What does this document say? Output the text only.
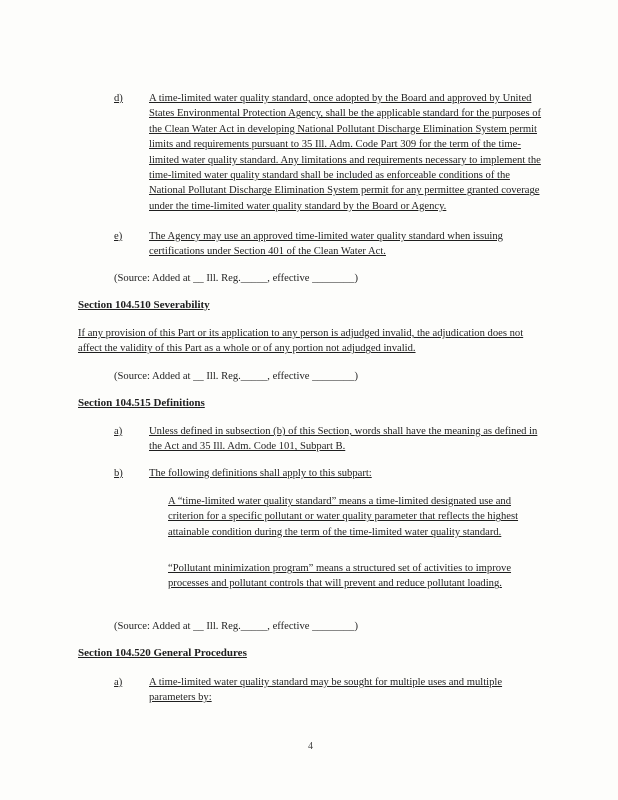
d) A time-limited water quality standard, once adopted by the Board and approved by United States Environmental Protection Agency, shall be the applicable standard for the purposes of the Clean Water Act in developing National Pollutant Discharge Elimination System permit limits and requirements pursuant to 35 Ill. Adm. Code Part 309 for the term of the time-limited water quality standard. Any limitations and requirements necessary to implement the time-limited water quality standard shall be included as enforceable conditions of the National Pollutant Discharge Elimination System permit for any permittee granted coverage under the time-limited water quality standard by the Board or Agency.
e)	The Agency may use an approved time-limited water quality standard when issuing certifications under Section 401 of the Clean Water Act.
(Source: Added at __ Ill. Reg._____, effective ________)
Section 104.510 Severability
If any provision of this Part or its application to any person is adjudged invalid, the adjudication does not affect the validity of this Part as a whole or of any portion not adjudged invalid.
(Source: Added at __ Ill. Reg._____, effective ________)
Section 104.515 Definitions
a)	Unless defined in subsection (b) of this Section, words shall have the meaning as defined in the Act and 35 Ill. Adm. Code 101, Subpart B.
b) The following definitions shall apply to this subpart:
A “time-limited water quality standard” means a time-limited designated use and criterion for a specific pollutant or water quality parameter that reflects the highest attainable condition during the term of the time-limited water quality standard.
“Pollutant minimization program” means a structured set of activities to improve processes and pollutant controls that will prevent and reduce pollutant loading.
(Source: Added at __ Ill. Reg._____, effective ________)
Section 104.520 General Procedures
a)	A time-limited water quality standard may be sought for multiple uses and multiple parameters by:
4
